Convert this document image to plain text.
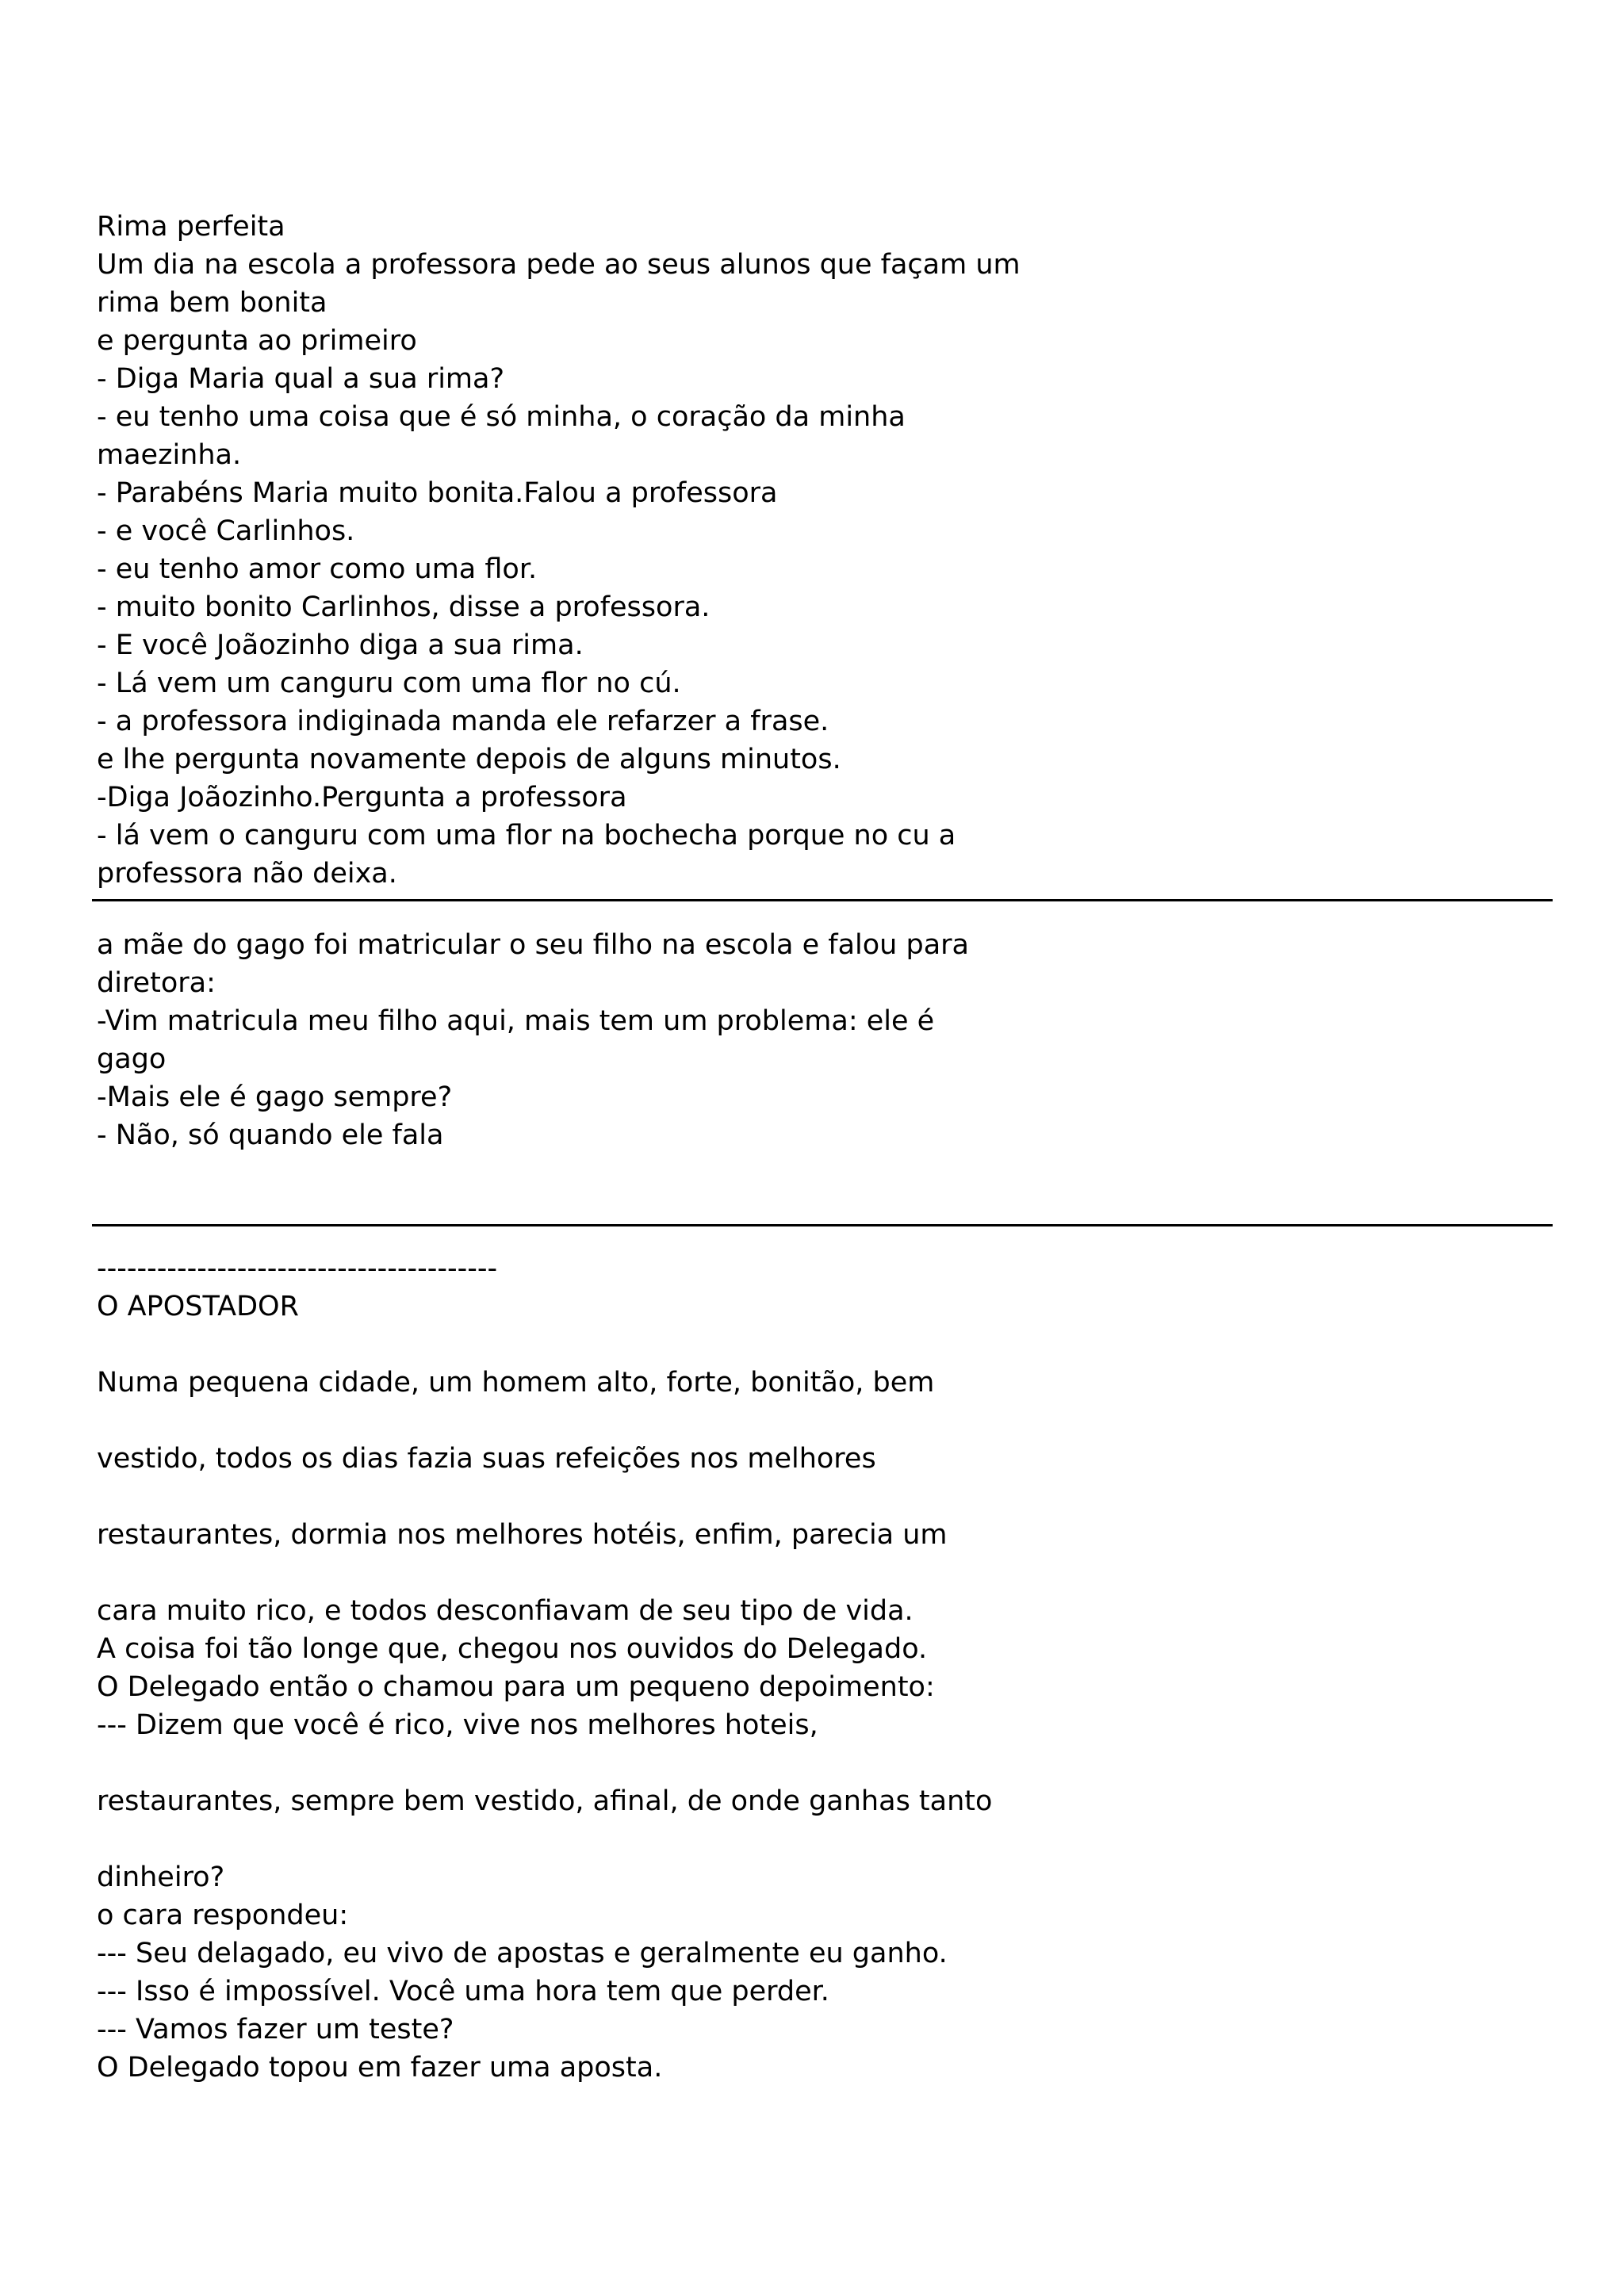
Rima perfeita
Um dia na escola a professora pede ao seus alunos que façam um
rima bem bonita
e pergunta ao primeiro
- Diga Maria qual a sua rima?
- eu tenho uma coisa que é só minha, o coração da minha
maezinha.
- Parabéns Maria muito bonita.Falou a professora
- e você Carlinhos.
- eu tenho amor como uma flor.
- muito bonito Carlinhos, disse a professora.
- E você Joãozinho diga a sua rima.
- Lá vem um canguru com uma flor no cú.
- a professora indiginada manda ele refarzer a frase.
e lhe pergunta novamente depois de alguns minutos.
-Diga Joãozinho.Pergunta a professora
- lá vem o canguru com uma flor na bochecha porque no cu a
professora não deixa.
a mãe do gago foi matricular o seu filho na escola e falou para
diretora:
-Vim matricula meu filho aqui, mais tem um problema: ele é
gago
-Mais ele é gago sempre?
- Não, só quando ele fala
----------------------------------------
O APOSTADOR
Numa pequena cidade, um homem alto, forte, bonitão, bem
vestido, todos os dias fazia suas refeições nos melhores
restaurantes, dormia nos melhores hotéis, enfim, parecia um
cara muito rico, e todos desconfiavam de seu tipo de vida.
A coisa foi tão longe que, chegou nos ouvidos do Delegado.
O Delegado então o chamou para um pequeno depoimento:
--- Dizem que você é rico, vive nos melhores hoteis,
restaurantes, sempre bem vestido, afinal, de onde ganhas tanto
dinheiro?
o cara respondeu:
--- Seu delagado, eu vivo de apostas e geralmente eu ganho.
--- Isso é impossível. Você uma hora tem que perder.
--- Vamos fazer um teste?
O Delegado topou em fazer uma aposta.
